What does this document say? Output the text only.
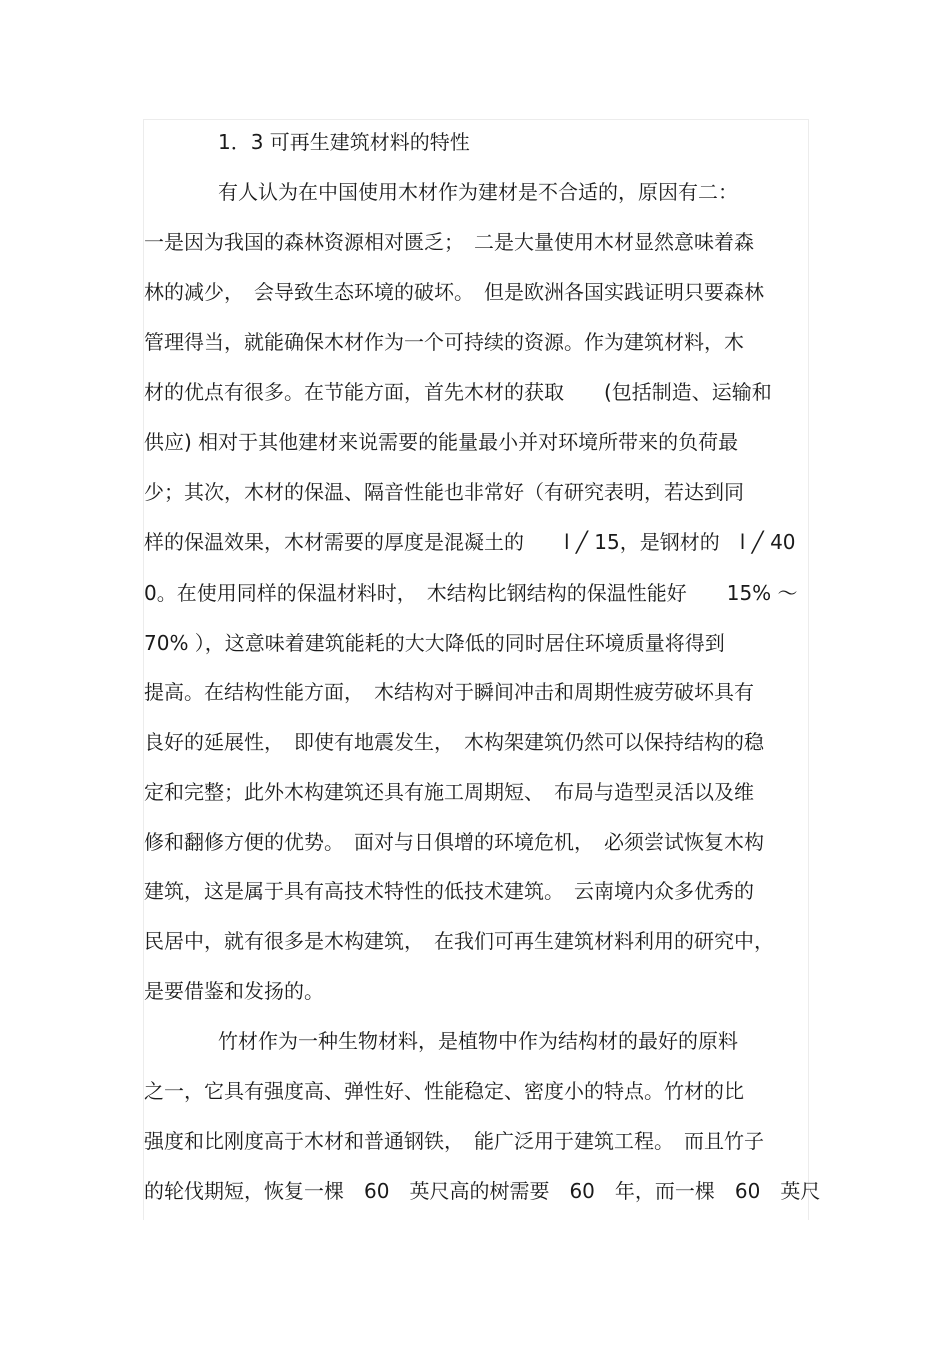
1．3 可再生建筑材料的特性
有人认为在中国使用木材作为建材是不合适的，原因有二：
一是因为我国的森林资源相对匮乏；　二是大量使用木材显然意味着森
林的减少，　会导致生态环境的破坏。　但是欧洲各国实践证明只要森林
管理得当，就能确保木材作为一个可持续的资源。作为建筑材料，木
材的优点有很多。在节能方面，首先木材的获取　　(包括制造、运输和
供应) 相对于其他建材来说需要的能量最小并对环境所带来的负荷最
少；其次，木材的保温、隔音性能也非常好（有研究表明，若达到同
样的保温效果，木材需要的厚度是混凝土的　　l ╱ 15，是钢材的　l ╱ 40
0。在使用同样的保温材料时，　木结构比钢结构的保温性能好　　15% ～
70% ），这意味着建筑能耗的大大降低的同时居住环境质量将得到
提高。在结构性能方面，　木结构对于瞬间冲击和周期性疲劳破坏具有
良好的延展性，　即使有地震发生，　木构架建筑仍然可以保持结构的稳
定和完整；此外木构建筑还具有施工周期短、　布局与造型灵活以及维
修和翻修方便的优势。　面对与日俱增的环境危机，　必须尝试恢复木构
建筑，这是属于具有高技术特性的低技术建筑。　云南境内众多优秀的
民居中，就有很多是木构建筑，　在我们可再生建筑材料利用的研究中，
是要借鉴和发扬的。
竹材作为一种生物材料，是植物中作为结构材的最好的原料
之一，它具有强度高、弹性好、性能稳定、密度小的特点。竹材的比
强度和比刚度高于木材和普通钢铁，　能广泛用于建筑工程。　而且竹子
的轮伐期短，恢复一棵　60　英尺高的树需要　60　年，而一棵　60　英尺
